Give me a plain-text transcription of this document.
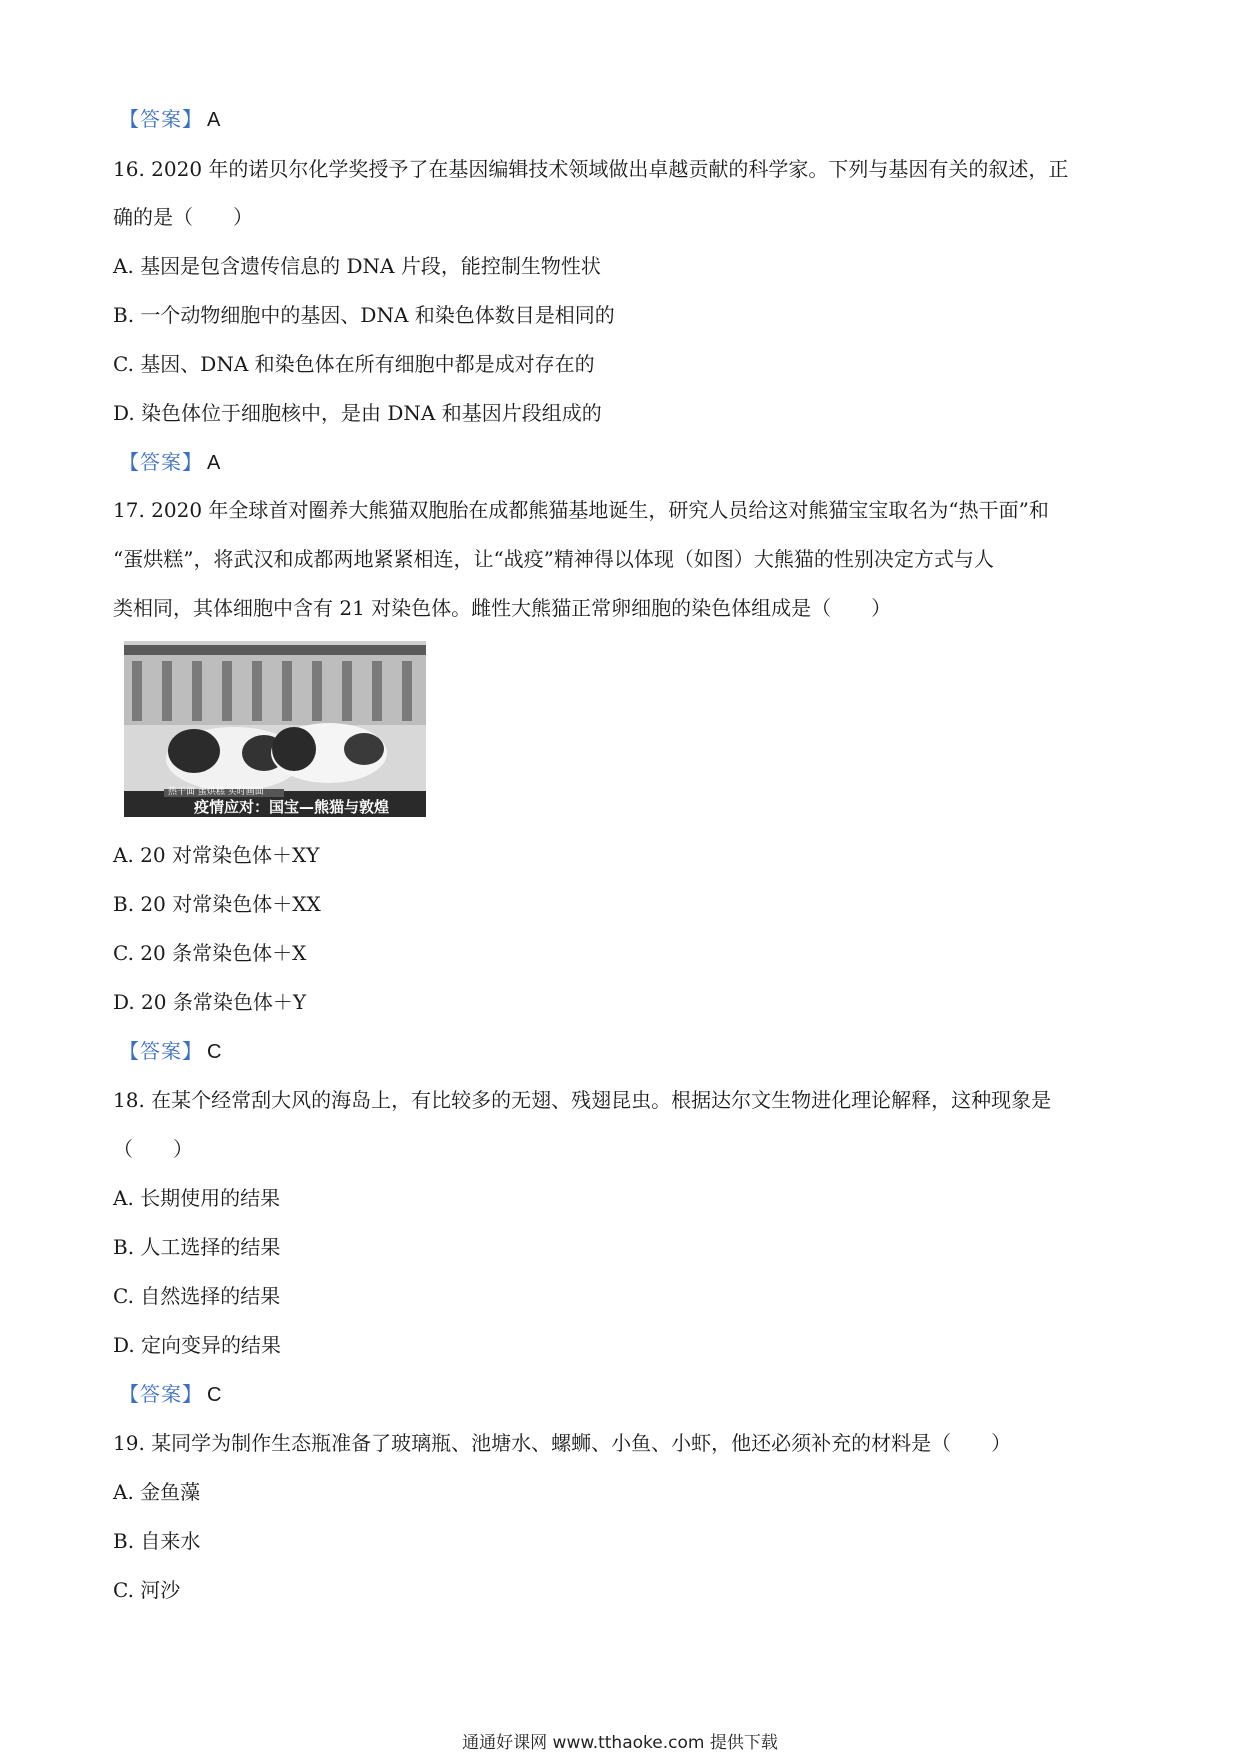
【答案】 A
16. 2020 年的诺贝尔化学奖授予了在基因编辑技术领域做出卓越贡献的科学家。下列与基因有关的叙述，正
确的是（　　）
A. 基因是包含遗传信息的 DNA 片段，能控制生物性状
B. 一个动物细胞中的基因、DNA 和染色体数目是相同的
C. 基因、DNA 和染色体在所有细胞中都是成对存在的
D. 染色体位于细胞核中，是由 DNA 和基因片段组成的
【答案】 A
17. 2020 年全球首对圈养大熊猫双胞胎在成都熊猫基地诞生，研究人员给这对熊猫宝宝取名为“热干面”和
“蛋烘糕”，将武汉和成都两地紧紧相连，让“战疫”精神得以体现（如图）大熊猫的性别决定方式与人
类相同，其体细胞中含有 21 对染色体。雌性大熊猫正常卵细胞的染色体组成是（　　）
热干面 蛋烘糕 实时画面
疫情应对：国宝—熊猫与敦煌
A. 20 对常染色体＋XY
B. 20 对常染色体＋XX
C. 20 条常染色体＋X
D. 20 条常染色体＋Y
【答案】 C
18. 在某个经常刮大风的海岛上，有比较多的无翅、残翅昆虫。根据达尔文生物进化理论解释，这种现象是
（　　）
A. 长期使用的结果
B. 人工选择的结果
C. 自然选择的结果
D. 定向变异的结果
【答案】 C
19. 某同学为制作生态瓶准备了玻璃瓶、池塘水、螺蛳、小鱼、小虾，他还必须补充的材料是（　　）
A. 金鱼藻
B. 自来水
C. 河沙
通通好课网 www.tthaoke.com 提供下载
